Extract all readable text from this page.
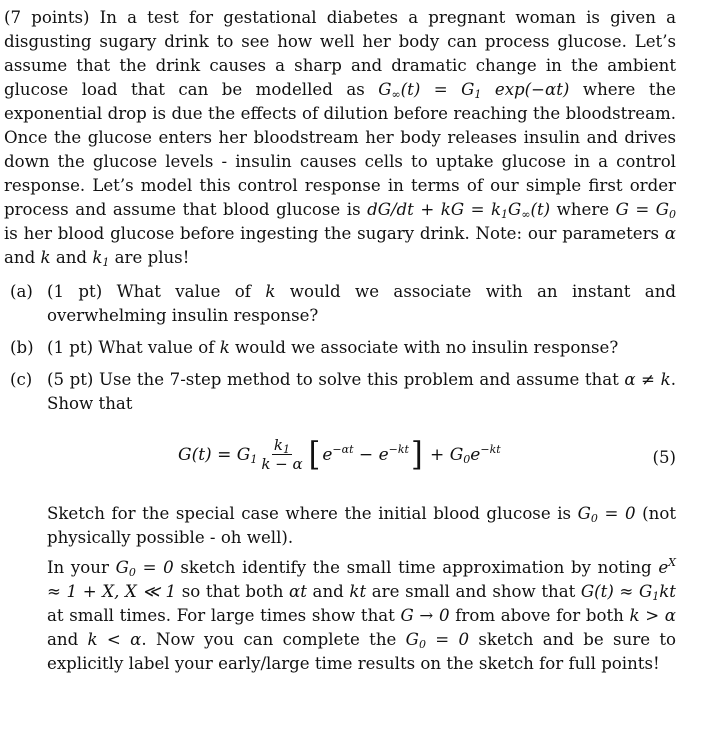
(7 points) In a test for gestational diabetes a pregnant woman is given a disgusting sugary drink to see how well her body can process glucose. Let’s assume that the drink causes a sharp and dramatic change in the ambient glucose load that can be modelled as $G_\infty(t) = G_1$ exp(−αt) where the exponential drop is due the effects of dilution before reaching the bloodstream. Once the glucose enters her bloodstream her body releases insulin and drives down the glucose levels - insulin causes cells to uptake glucose in a control response. Let’s model this control response in terms of our simple first order process and assume that blood glucose is dG/dt + kG = $k_1G_\infty(t)$ where $G = G_0$ is her blood glucose before ingesting the sugary drink. Note: our parameters α and k and $k_1$ are plus!

(a) (1 pt) What value of k would we associate with an instant and overwhelming insulin response?

(b) (1 pt) What value of k would we associate with no insulin response?

(c) (5 pt) Use the 7-step method to solve this problem and assume that α ≠ k. Show that

$G(t) = G_1 \frac{k_1}{k - \alpha}$ [ $e^{-\alpha t} - e^{-kt}$ ] + $G_0e^{-kt}$	(5)

Sketch for the special case where the initial blood glucose is $G_0 = 0$ (not physically possible - oh well).

In your $G_0 = 0$ sketch identify the small time approximation by noting $e^X \approx 1 + X$, X ≪ 1 so that both αt and kt are small and show that $G(t) \approx G_1kt$ at small times. For large times show that G → 0 from above for both k > α and k < α. Now you can complete the $G_0 = 0$ sketch and be sure to explicitly label your early/large time results on the sketch for full points!
